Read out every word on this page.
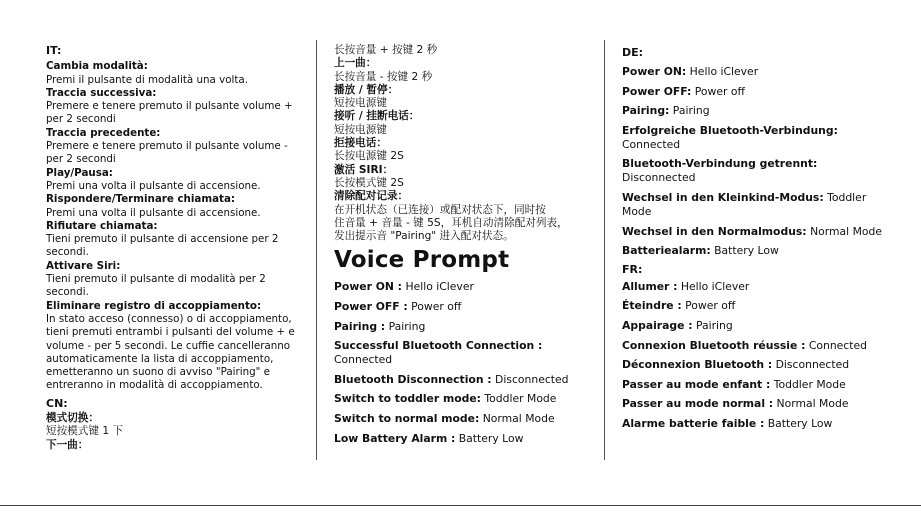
IT:

Cambia modalità:

Premi il pulsante di modalità una volta.

Traccia successiva:

Premere e tenere premuto il pulsante volume +

per 2 secondi

Traccia precedente:

Premere e tenere premuto il pulsante volume -

per 2 secondi

Play/Pausa:

Premi una volta il pulsante di accensione.

Rispondere/Terminare chiamata:

Premi una volta il pulsante di accensione.

Rifiutare chiamata:

Tieni premuto il pulsante di accensione per 2

secondi.

Attivare Siri:

Tieni premuto il pulsante di modalità per 2

secondi.

Eliminare registro di accoppiamento:

In stato acceso (connesso) o di accoppiamento,

tieni premuti entrambi i pulsanti del volume + e

volume - per 5 secondi. Le cuffie cancelleranno

automaticamente la lista di accoppiamento,

emetteranno un suono di avviso "Pairing" e

entreranno in modalità di accoppiamento.

CN:

模式切换：

短按模式键 1 下

下一曲：

长按音量 + 按键 2 秒

上一曲：

长按音量 - 按键 2 秒

播放 / 暂停：

短按电源键

接听 / 挂断电话：

短按电源键

拒接电话：

长按电源键 2S

激活 SIRI：

长按模式键 2S

清除配对记录：

在开机状态（已连接）或配对状态下，同时按

住音量 + 音量 - 键 5S，耳机自动清除配对列表，

发出提示音 "Pairing" 进入配对状态。

Voice Prompt

Power ON : Hello iClever

Power OFF : Power off

Pairing : Pairing

Successful Bluetooth Connection :
Connected

Bluetooth Disconnection : Disconnected

Switch to toddler mode: Toddler Mode

Switch to normal mode: Normal Mode

Low Battery Alarm : Battery Low

DE:

Power ON: Hello iClever

Power OFF: Power off

Pairing: Pairing

Erfolgreiche Bluetooth-Verbindung:
Connected

Bluetooth-Verbindung getrennt:
Disconnected

Wechsel in den Kleinkind-Modus: Toddler Mode

Wechsel in den Normalmodus: Normal Mode

Batteriealarm: Battery Low

FR:

Allumer : Hello iClever

Éteindre : Power off

Appairage : Pairing

Connexion Bluetooth réussie : Connected

Déconnexion Bluetooth : Disconnected

Passer au mode enfant : Toddler Mode

Passer au mode normal : Normal Mode

Alarme batterie faible : Battery Low
